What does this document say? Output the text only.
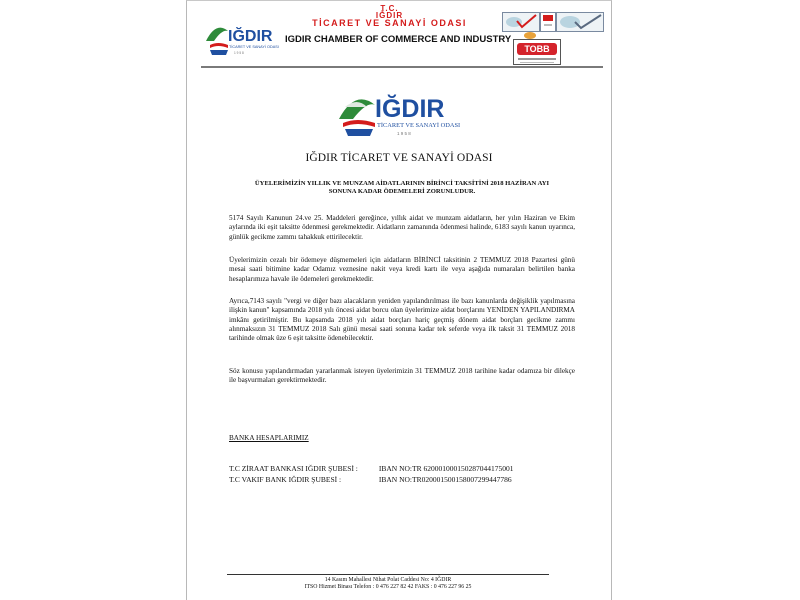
IĞDIR
TİCARET VE SANAYİ ODASI
1 9 5 8
T.C.
IĞDIR
TİCARET VE SANAYİ ODASI
IGDIR CHAMBER OF COMMERCE AND INDUSTRY
TOBB
IĞDIR
TİCARET VE SANAYİ ODASI
1 9 5 8
IĞDIR TİCARET VE SANAYİ ODASI
ÜYELERİMİZİN YILLIK VE MUNZAM AİDATLARININ BİRİNCİ TAKSİTİNİ 2018 HAZİRAN AYI
SONUNA KADAR ÖDEMELERİ ZORUNLUDUR.
5174 Sayılı Kanunun 24.ve 25. Maddeleri gereğince, yıllık aidat ve munzam aidatların, her yılın Haziran ve Ekim aylarında iki eşit taksitte ödenmesi gerekmektedir. Aidatların zamanında ödenmesi halinde, 6183 sayılı kanun uyarınca, günlük gecikme zammı tahakkuk ettirilecektir.
Üyelerimizin cezalı bir ödemeye düşmemeleri için aidatların BİRİNCİ taksitinin 2 TEMMUZ 2018 Pazartesi günü mesai saati bitimine kadar Odamız veznesine nakit veya kredi kartı ile veya aşağıda numaraları belirtilen banka hesaplarımıza havale ile ödemeleri gerekmektedir.
Ayrıca,7143 sayılı "vergi ve diğer bazı alacakların yeniden yapılandırılması ile bazı kanunlarda değişiklik yapılmasına ilişkin kanun" kapsamında 2018 yılı öncesi aidat borcu olan üyelerimize aidat borçlarını YENİDEN YAPILANDIRMA imkânı getirilmiştir. Bu kapsamda 2018 yılı aidat borçları hariç geçmiş dönem aidat borçları gecikme zammı alınmaksızın 31 TEMMUZ 2018 Salı günü mesai saati sonuna kadar tek seferde veya ilk taksit 31 TEMMUZ 2018 tarihinde olmak üze 6 eşit taksitte ödenebilecektir.
Söz konusu yapılandırmadan yararlanmak isteyen üyelerimizin 31 TEMMUZ 2018 tarihine kadar odamıza bir dilekçe ile başvurmaları gerektirmektedir.
BANKA HESAPLARIMIZ
T.C ZİRAAT BANKASI IĞDIR ŞUBESİ :	IBAN NO:TR 620001000150287044175001
T.C VAKIF BANK IĞDIR ŞUBESİ :	IBAN NO:TR020001500158007299447786
14 Kasım Mahallesi Nihat Polat Caddesi No: 4 IĞDIR
ITSO Hizmet Binası Telefon : 0 476 227 82 42 FAKS : 0 476 227 96 25
